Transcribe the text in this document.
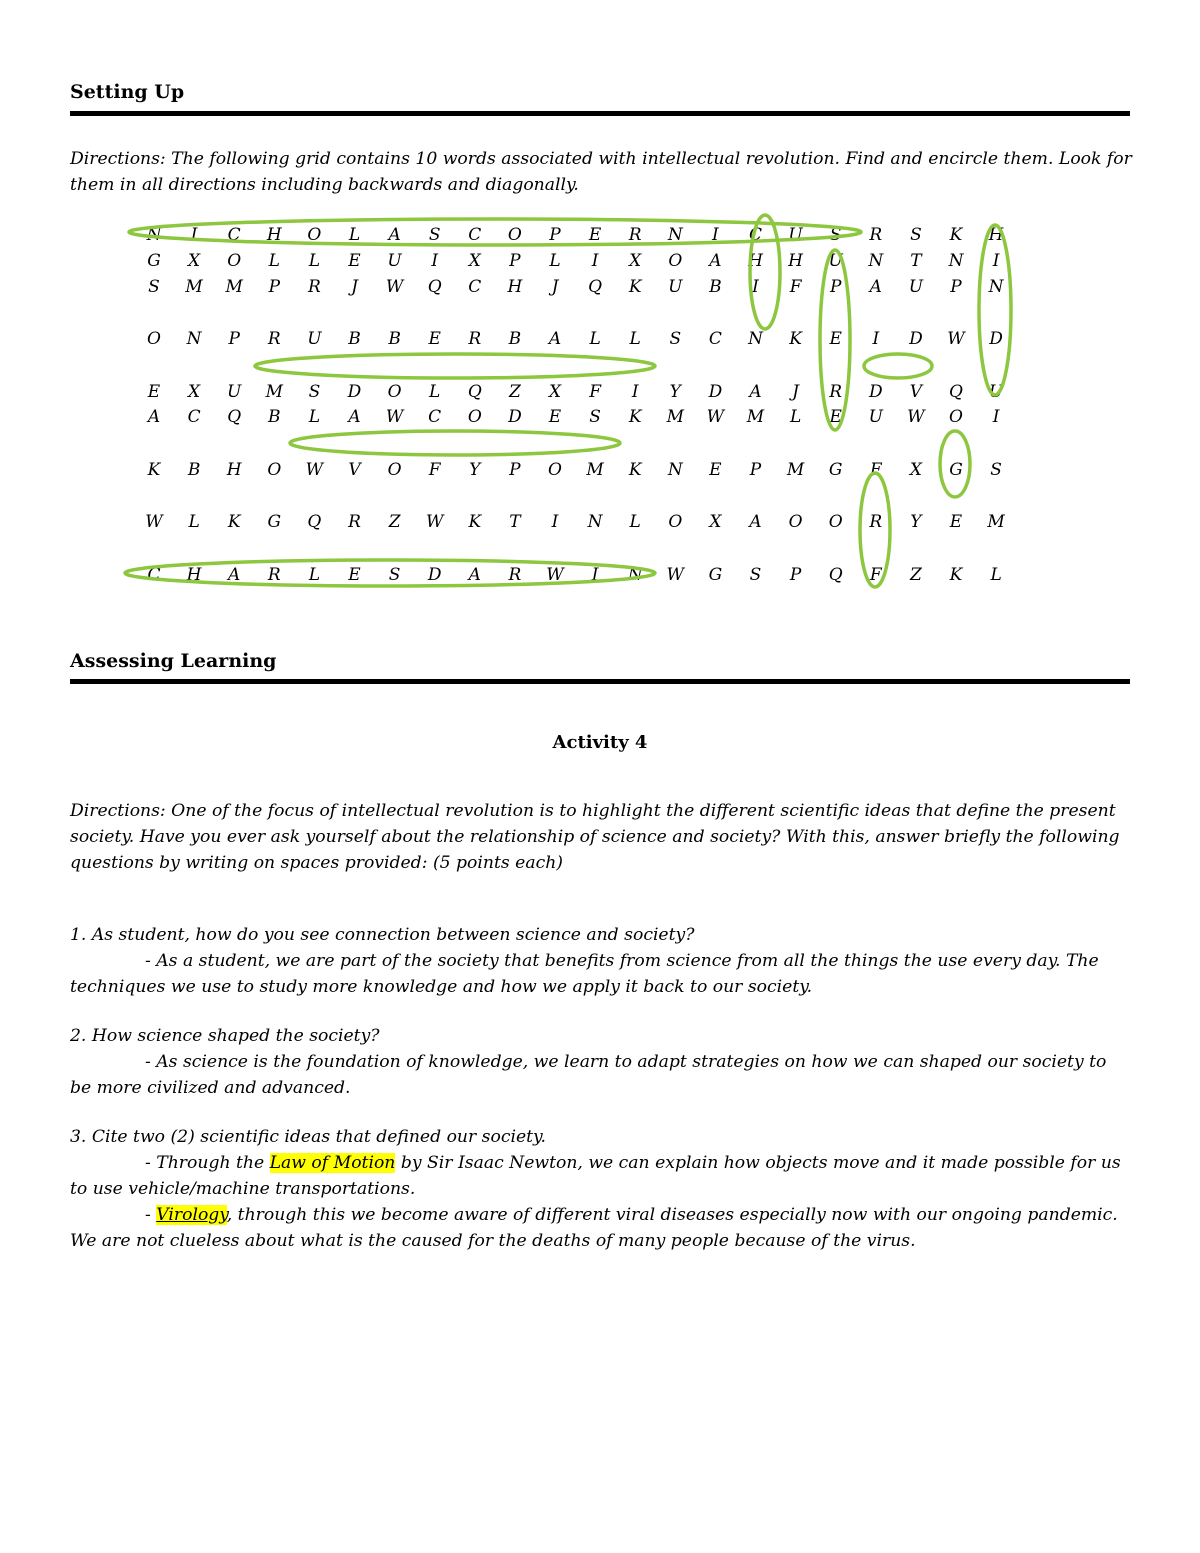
Setting Up

Directions: The following grid contains 10 words associated with intellectual revolution. Find and encircle them. Look for them in all directions including backwards and diagonally.

N	I	C	H	O	L	A	S	C	O	P	E	R	N	I	C	U	S	R	S	K	H
G	X	O	L	L	E	U	I	X	P	L	I	X	O	A	H	H	U	N	T	N	I
S	M	M	P	R	J	W	Q	C	H	J	Q	K	U	B	I	F	P	A	U	P	N
O	N	P	R	U	B	B	E	R	B	A	L	L	S	C	N	K	E	I	D	W	D
E	X	U	M	S	D	O	L	Q	Z	X	F	I	Y	D	A	J	R	D	V	Q	U
A	C	Q	B	L	A	W	C	O	D	E	S	K	M	W	M	L	E	U	W	O	I
K	B	H	O	W	V	O	F	Y	P	O	M	K	N	E	P	M	G	F	X	G	S
W	L	K	G	Q	R	Z	W	K	T	I	N	L	O	X	A	O	O	R	Y	E	M
C	H	A	R	L	E	S	D	A	R	W	I	N	W	G	S	P	Q	F	Z	K	L
Assessing Learning
Activity 4

Directions: One of the focus of intellectual revolution is to highlight the different scientific ideas that define the present society. Have you ever ask yourself about the relationship of science and society? With this, answer briefly the following questions by writing on spaces provided: (5 points each)

1. As student, how do you see connection between science and society?

- As a student, we are part of the society that benefits from science from all the things the use every day. The techniques we use to study more knowledge and how we apply it back to our society.

2. How science shaped the society?

- As science is the foundation of knowledge, we learn to adapt strategies on how we can shaped our society to be more civilized and advanced.

3. Cite two (2) scientific ideas that defined our society.

- Through the Law of Motion by Sir Isaac Newton, we can explain how objects move and it made possible for us to use vehicle/machine transportations.

- Virology, through this we become aware of different viral diseases especially now with our ongoing pandemic. We are not clueless about what is the caused for the deaths of many people because of the virus.
